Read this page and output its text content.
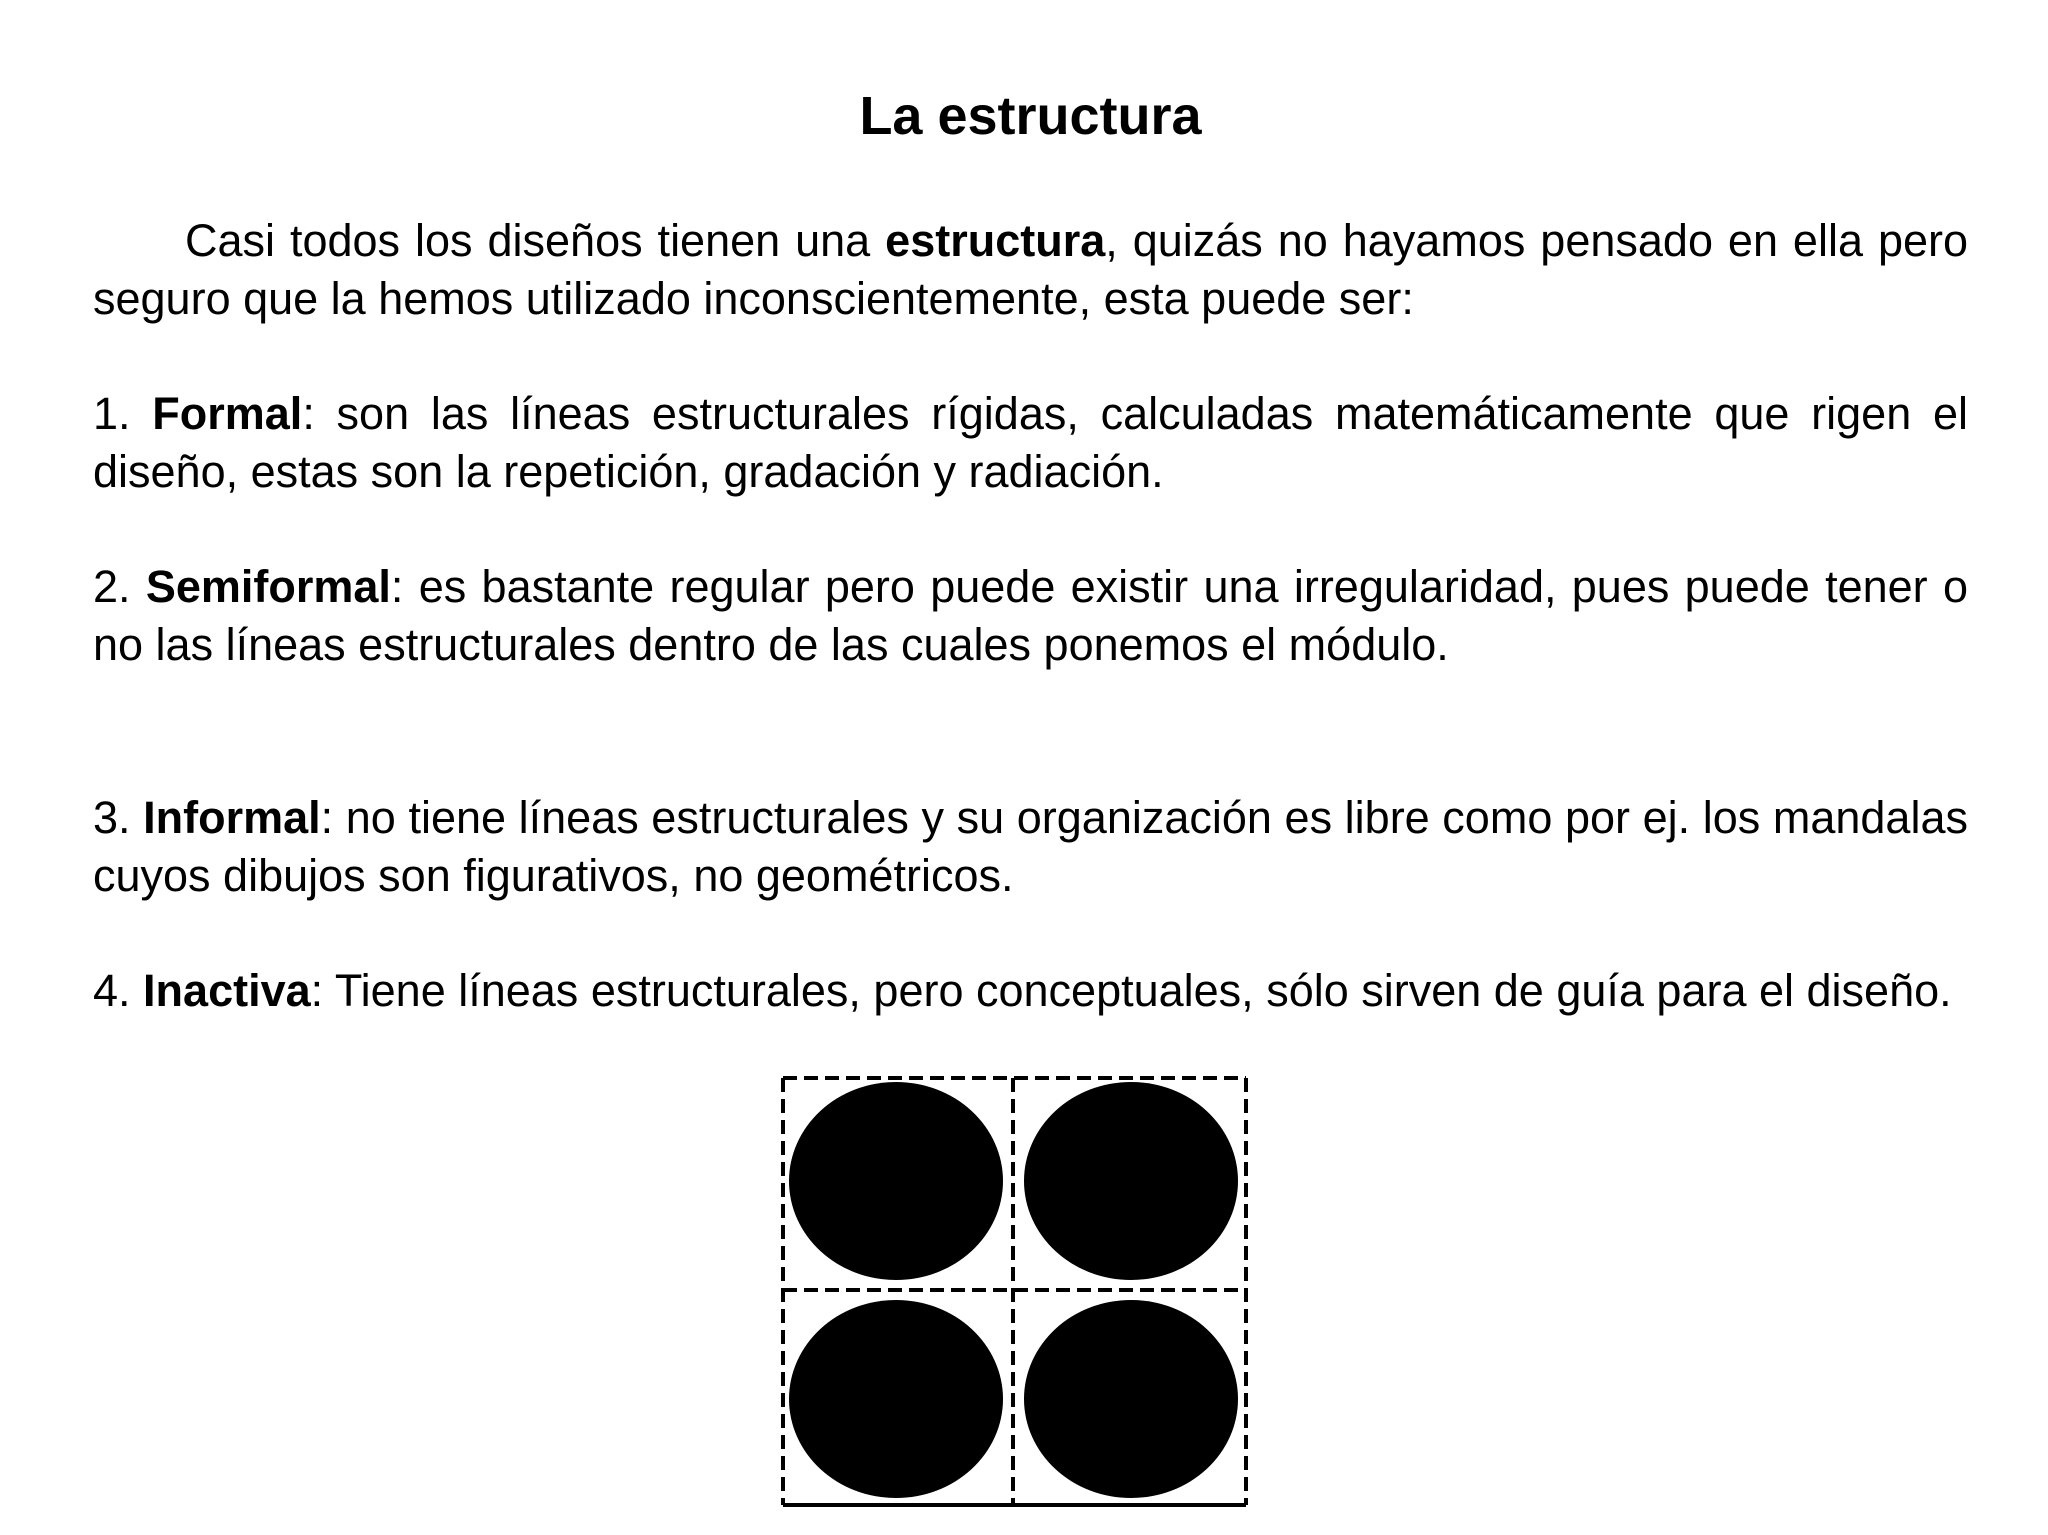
La estructura

Casi todos los diseños tienen una estructura, quizás no hayamos pensado en ella pero seguro que la hemos utilizado inconscientemente, esta puede ser:

1. Formal: son las líneas estructurales rígidas, calculadas matemáticamente que rigen el diseño, estas son la repetición, gradación y radiación.

2. Semiformal: es bastante regular pero puede existir una irregularidad, pues puede tener o no las líneas estructurales dentro de las cuales ponemos el módulo.

3. Informal: no tiene líneas estructurales y su organización es libre como por ej. los mandalas cuyos dibujos son figurativos, no geométricos.

4. Inactiva: Tiene líneas estructurales, pero conceptuales, sólo sirven de guía para el diseño.
